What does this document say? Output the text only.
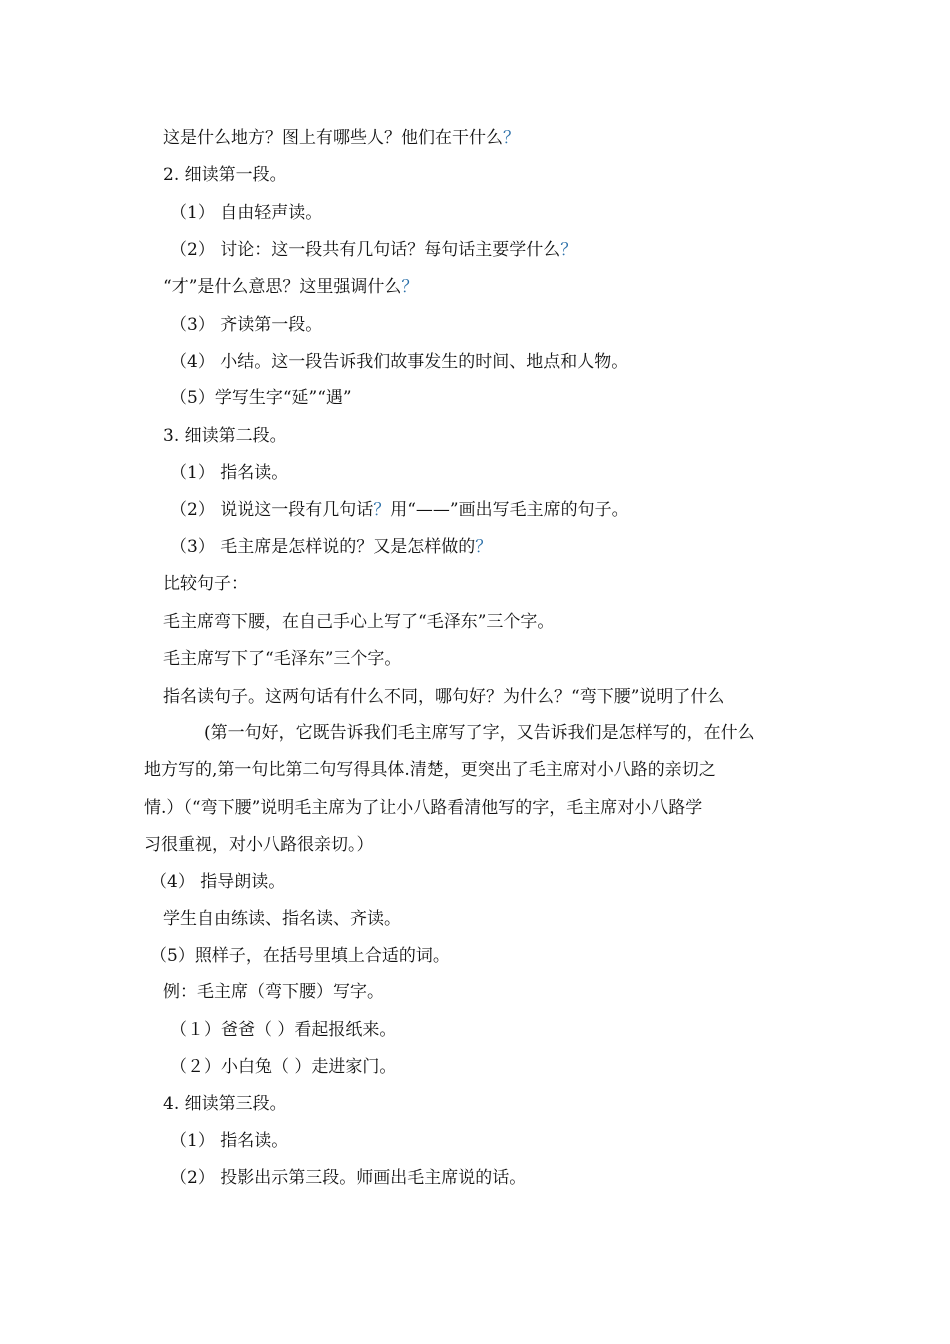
这是什么地方？图上有哪些人？他们在干什么？
2. 细读第一段。
（1） 自由轻声读。
（2） 讨论：这一段共有几句话？每句话主要学什么？
“才”是什么意思？这里强调什么？
（3） 齐读第一段。
（4） 小结。这一段告诉我们故事发生的时间、地点和人物。
（5）学写生字“延”“遇”
3. 细读第二段。
（1） 指名读。
（2） 说说这一段有几句话？用“——”画出写毛主席的句子。
（3） 毛主席是怎样说的？又是怎样做的？
比较句子：
毛主席弯下腰，在自己手心上写了“毛泽东”三个字。
毛主席写下了“毛泽东”三个字。
指名读句子。这两句话有什么不同，哪句好？为什么？“弯下腰”说明了什么
(第一句好，它既告诉我们毛主席写了字，又告诉我们是怎样写的，在什么
地方写的,第一句比第二句写得具体.清楚，更突出了毛主席对小八路的亲切之
情.）（“弯下腰”说明毛主席为了让小八路看清他写的字，毛主席对小八路学
习很重视，对小八路很亲切。）
（4） 指导朗读。
学生自由练读、指名读、齐读。
（5）照样子，在括号里填上合适的词。
例：毛主席（弯下腰）写字。
（１）爸爸（ ）看起报纸来。
（２）小白兔（ ）走进家门。
4. 细读第三段。
（1） 指名读。
（2） 投影出示第三段。师画出毛主席说的话。
